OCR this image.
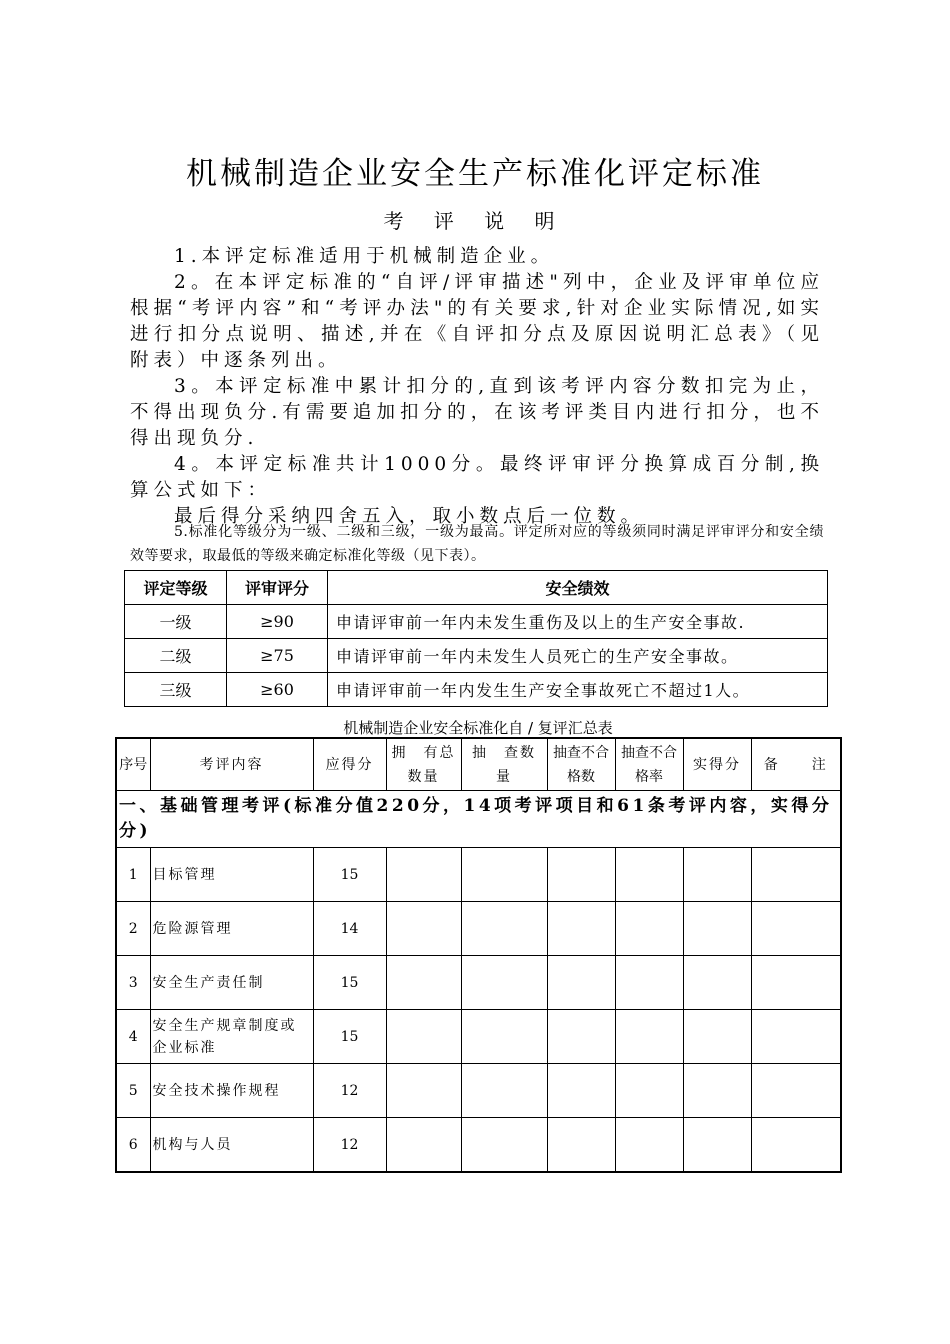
机械制造企业安全生产标准化评定标准
考 评 说 明

1.本评定标准适用于机械制造企业。

2。在本评定标准的“自评/评审描述"列中，企业及评审单位应根据“考评内容”和“考评办法"的有关要求,针对企业实际情况,如实进行扣分点说明、描述,并在《自评扣分点及原因说明汇总表》（见附表）中逐条列出。

3。本评定标准中累计扣分的,直到该考评内容分数扣完为止，不得出现负分.有需要追加扣分的，在该考评类目内进行扣分，也不得出现负分.

4。本评定标准共计1000分。最终评审评分换算成百分制,换算公式如下：

最后得分采纳四舍五入，取小数点后一位数。

5.标准化等级分为一级、二级和三级，一级为最高。评定所对应的等级须同时满足评审评分和安全绩效等要求，取最低的等级来确定标准化等级（见下表）。
评定等级	评审评分	安全绩效
一级	≥90	申请评审前一年内未发生重伤及以上的生产安全事故.
二级	≥75	申请评审前一年内未发生人员死亡的生产安全事故。
三级	≥60	申请评审前一年内发生生产安全事故死亡不超过1人。
机械制造企业安全标准化自 / 复评汇总表
序号	考评内容	应得分	拥　有总数量	抽　查数　量	抽查不合格数	抽查不合格率	实得分	备　　注
一、基础管理考评(标准分值220分，14项考评项目和61条考评内容，实得分分)								
1	目标管理	15						
2	危险源管理	14						
3	安全生产责任制	15						
4	安全生产规章制度或企业标准	15						
5	安全技术操作规程	12						
6	机构与人员	12						
